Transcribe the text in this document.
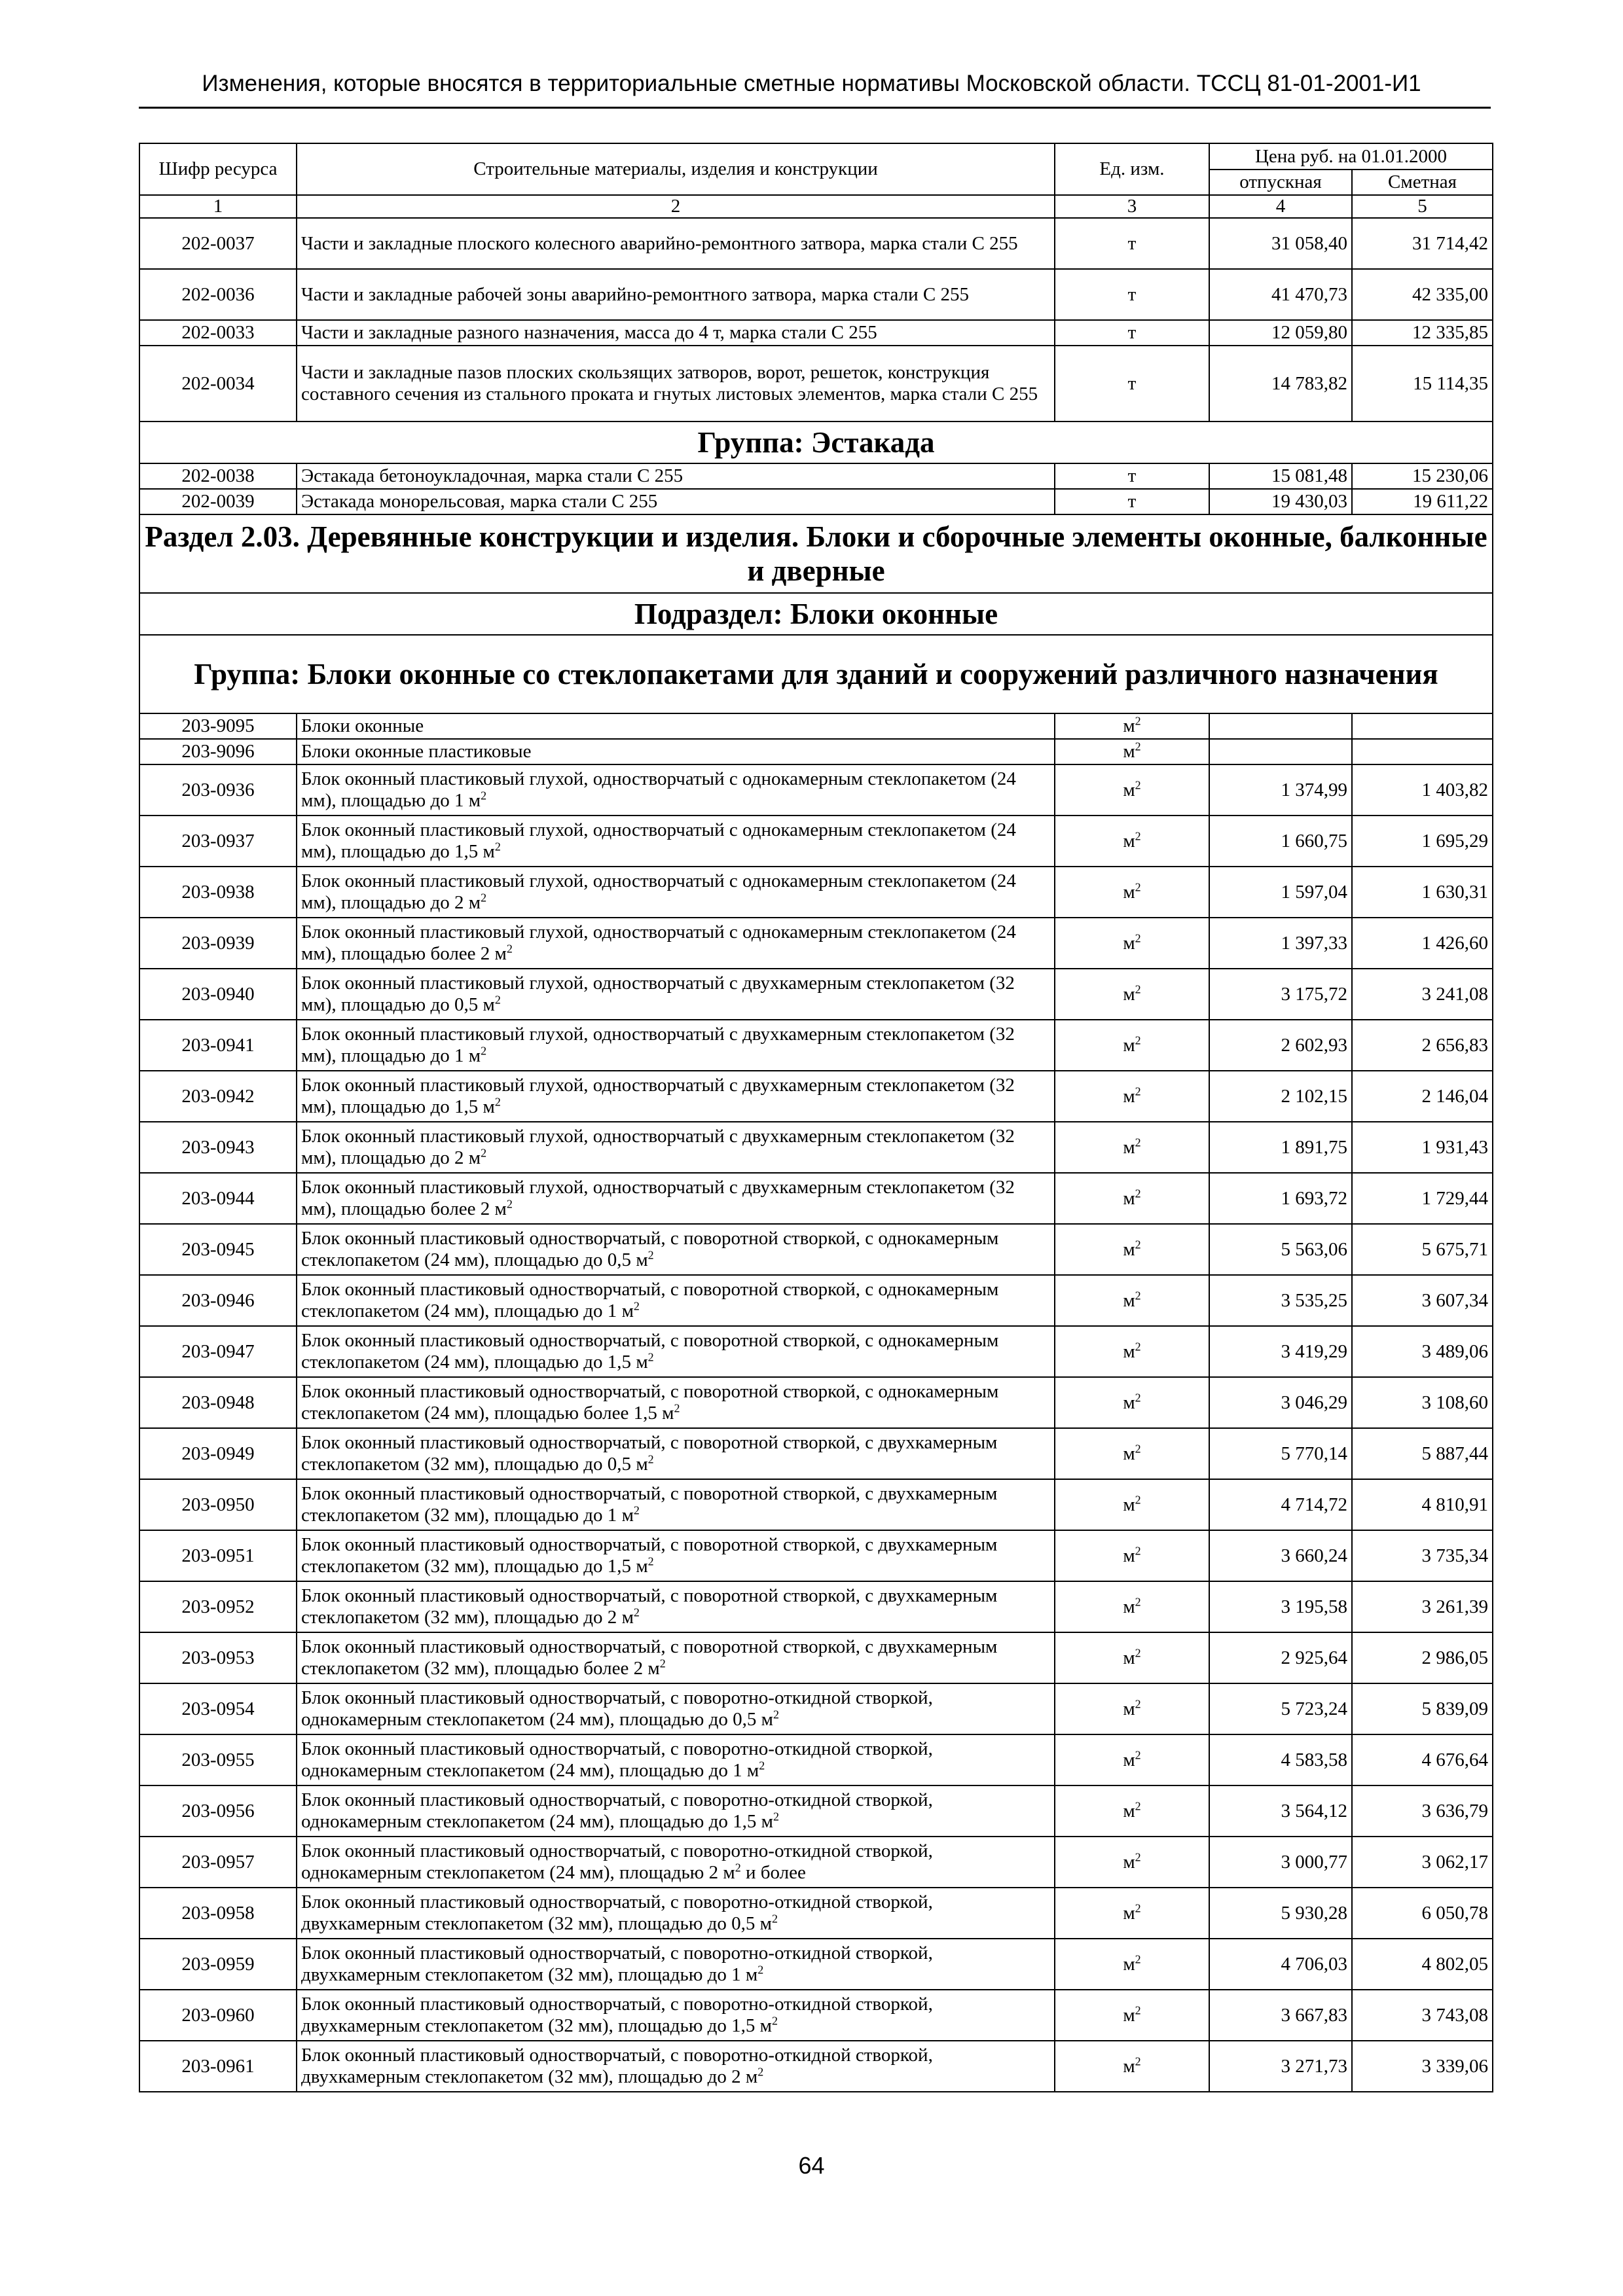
Изменения, которые вносятся в территориальные сметные нормативы Московской области. ТССЦ 81-01-2001-И1
Шифр ресурса	Строительные материалы, изделия и конструкции	Ед. изм.	Цена руб. на 01.01.2000	
			отпускная	Сметная
1	2	3	4	5
202-0037	Части и закладные плоского колесного аварийно-ремонтного затвора, марка стали С 255	т	31 058,40	31 714,42
202-0036	Части и закладные рабочей зоны аварийно-ремонтного затвора, марка стали С 255	т	41 470,73	42 335,00
202-0033	Части и закладные разного назначения, масса до 4 т, марка стали С 255	т	12 059,80	12 335,85
202-0034	Части и закладные пазов плоских скользящих затворов, ворот, решеток, конструкция составного сечения из стального проката и гнутых листовых элементов, марка стали С 255	т	14 783,82	15 114,35
Группа: Эстакада				
202-0038	Эстакада бетоноукладочная, марка стали С 255	т	15 081,48	15 230,06
202-0039	Эстакада монорельсовая, марка стали С 255	т	19 430,03	19 611,22
Раздел 2.03. Деревянные конструкции и изделия. Блоки и сборочные элементы оконные, балконные и дверные				
Подраздел: Блоки оконные				
Группа: Блоки оконные со стеклопакетами для зданий и сооружений различного назначения				
203-9095	Блоки оконные	$м^2$		
203-9096	Блоки оконные пластиковые	$м^2$		
203-0936	Блок оконный пластиковый глухой, одностворчатый с однокамерным стеклопакетом (24 мм), площадью до 1 $м^2$	$м^2$	1 374,99	1 403,82
203-0937	Блок оконный пластиковый глухой, одностворчатый с однокамерным стеклопакетом (24 мм), площадью до 1,5 $м^2$	$м^2$	1 660,75	1 695,29
203-0938	Блок оконный пластиковый глухой, одностворчатый с однокамерным стеклопакетом (24 мм), площадью до 2 $м^2$	$м^2$	1 597,04	1 630,31
203-0939	Блок оконный пластиковый глухой, одностворчатый с однокамерным стеклопакетом (24 мм), площадью более 2 $м^2$	$м^2$	1 397,33	1 426,60
203-0940	Блок оконный пластиковый глухой, одностворчатый с двухкамерным стеклопакетом (32 мм), площадью до 0,5 $м^2$	$м^2$	3 175,72	3 241,08
203-0941	Блок оконный пластиковый глухой, одностворчатый с двухкамерным стеклопакетом (32 мм), площадью до 1 $м^2$	$м^2$	2 602,93	2 656,83
203-0942	Блок оконный пластиковый глухой, одностворчатый с двухкамерным стеклопакетом (32 мм), площадью до 1,5 $м^2$	$м^2$	2 102,15	2 146,04
203-0943	Блок оконный пластиковый глухой, одностворчатый с двухкамерным стеклопакетом (32 мм), площадью до 2 $м^2$	$м^2$	1 891,75	1 931,43
203-0944	Блок оконный пластиковый глухой, одностворчатый с двухкамерным стеклопакетом (32 мм), площадью более 2 $м^2$	$м^2$	1 693,72	1 729,44
203-0945	Блок оконный пластиковый одностворчатый, с поворотной створкой, с однокамерным стеклопакетом (24 мм), площадью до 0,5 $м^2$	$м^2$	5 563,06	5 675,71
203-0946	Блок оконный пластиковый одностворчатый, с поворотной створкой, с однокамерным стеклопакетом (24 мм), площадью до 1 $м^2$	$м^2$	3 535,25	3 607,34
203-0947	Блок оконный пластиковый одностворчатый, с поворотной створкой, с однокамерным стеклопакетом (24 мм), площадью до 1,5 $м^2$	$м^2$	3 419,29	3 489,06
203-0948	Блок оконный пластиковый одностворчатый, с поворотной створкой, с однокамерным стеклопакетом (24 мм), площадью более 1,5 $м^2$	$м^2$	3 046,29	3 108,60
203-0949	Блок оконный пластиковый одностворчатый, с поворотной створкой, с двухкамерным стеклопакетом (32 мм), площадью до 0,5 $м^2$	$м^2$	5 770,14	5 887,44
203-0950	Блок оконный пластиковый одностворчатый, с поворотной створкой, с двухкамерным стеклопакетом (32 мм), площадью до 1 $м^2$	$м^2$	4 714,72	4 810,91
203-0951	Блок оконный пластиковый одностворчатый, с поворотной створкой, с двухкамерным стеклопакетом (32 мм), площадью до 1,5 $м^2$	$м^2$	3 660,24	3 735,34
203-0952	Блок оконный пластиковый одностворчатый, с поворотной створкой, с двухкамерным стеклопакетом (32 мм), площадью до 2 $м^2$	$м^2$	3 195,58	3 261,39
203-0953	Блок оконный пластиковый одностворчатый, с поворотной створкой, с двухкамерным стеклопакетом (32 мм), площадью более 2 $м^2$	$м^2$	2 925,64	2 986,05
203-0954	Блок оконный пластиковый одностворчатый, с поворотно-откидной створкой, однокамерным стеклопакетом (24 мм), площадью до 0,5 $м^2$	$м^2$	5 723,24	5 839,09
203-0955	Блок оконный пластиковый одностворчатый, с поворотно-откидной створкой, однокамерным стеклопакетом (24 мм), площадью до 1 $м^2$	$м^2$	4 583,58	4 676,64
203-0956	Блок оконный пластиковый одностворчатый, с поворотно-откидной створкой, однокамерным стеклопакетом (24 мм), площадью до 1,5 $м^2$	$м^2$	3 564,12	3 636,79
203-0957	Блок оконный пластиковый одностворчатый, с поворотно-откидной створкой, однокамерным стеклопакетом (24 мм), площадью 2 $м^2$ и более	$м^2$	3 000,77	3 062,17
203-0958	Блок оконный пластиковый одностворчатый, с поворотно-откидной створкой, двухкамерным стеклопакетом (32 мм), площадью до 0,5 $м^2$	$м^2$	5 930,28	6 050,78
203-0959	Блок оконный пластиковый одностворчатый, с поворотно-откидной створкой, двухкамерным стеклопакетом (32 мм), площадью до 1 $м^2$	$м^2$	4 706,03	4 802,05
203-0960	Блок оконный пластиковый одностворчатый, с поворотно-откидной створкой, двухкамерным стеклопакетом (32 мм), площадью до 1,5 $м^2$	$м^2$	3 667,83	3 743,08
203-0961	Блок оконный пластиковый одностворчатый, с поворотно-откидной створкой, двухкамерным стеклопакетом (32 мм), площадью до 2 $м^2$	$м^2$	3 271,73	3 339,06
64
